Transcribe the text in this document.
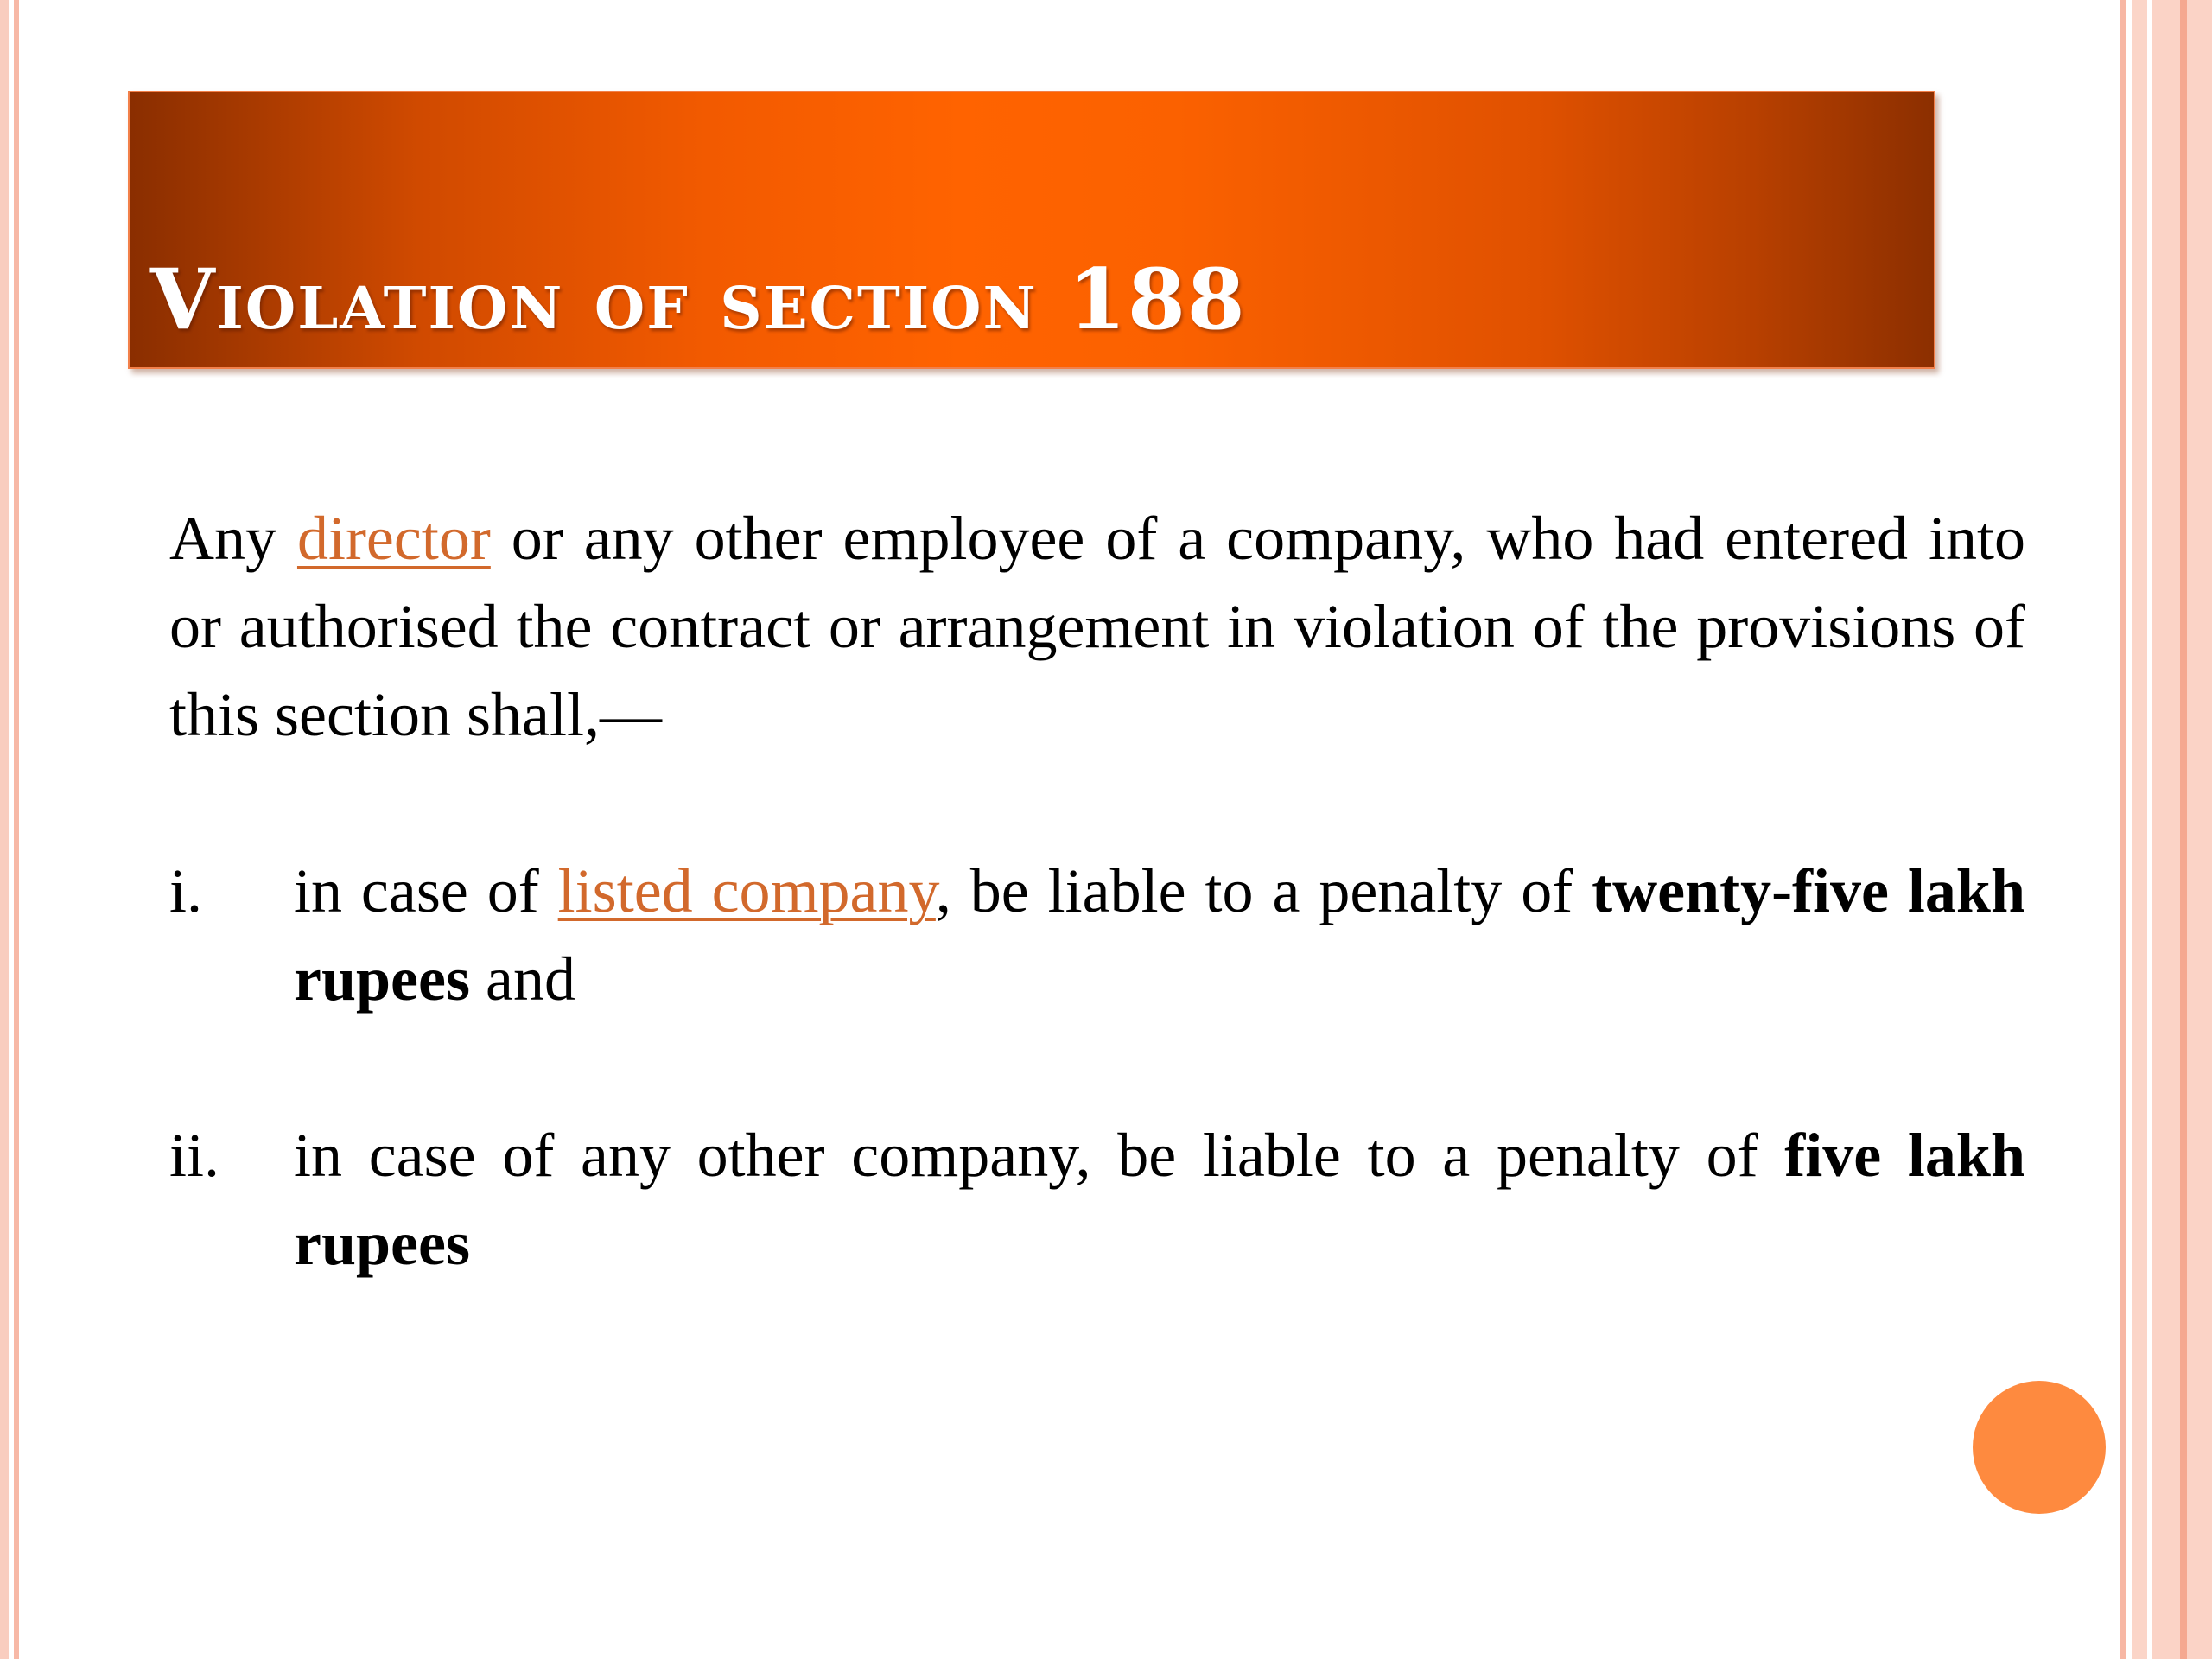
Violation of section 188

Any director or any other employee of a company, who had entered into or authorised the contract or arrangement in violation of the provisions of this section shall,—

i.	in case of listed company, be liable to a penalty of twenty-five lakh rupees and
ii.	in case of any other company, be liable to a penalty of five lakh rupees
